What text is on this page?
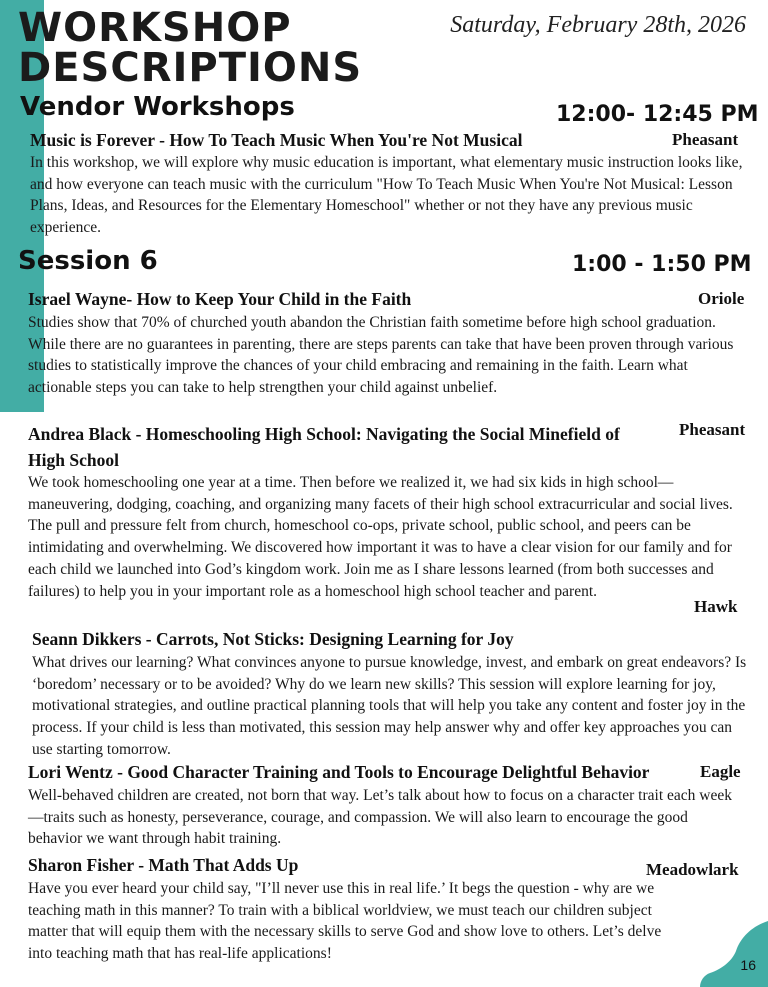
WORKSHOP
DESCRIPTIONS
Saturday, February 28th, 2026
Vendor Workshops	12:00- 12:45 PM
Music is Forever - How To Teach Music When You're Not Musical	Pheasant

In this workshop, we will explore why music education is important, what elementary music instruction looks like, and how everyone can teach music with the curriculum "How To Teach Music When You're Not Musical: Lesson Plans, Ideas, and Resources for the Elementary Homeschool" whether or not they have any previous music experience.

Session 6	1:00 - 1:50 PM
Israel Wayne- How to Keep Your Child in the Faith	Oriole

Studies show that 70% of churched youth abandon the Christian faith sometime before high school graduation. While there are no guarantees in parenting, there are steps parents can take that have been proven through various studies to statistically improve the chances of your child embracing and remaining in the faith. Learn what actionable steps you can take to help strengthen your child against unbelief.

Andrea Black - Homeschooling High School: Navigating the Social Minefield of High School
Pheasant

We took homeschooling one year at a time. Then before we realized it, we had six kids in high school—maneuvering, dodging, coaching, and organizing many facets of their high school extracurricular and social lives. The pull and pressure felt from church, homeschool co-ops, private school, public school, and peers can be intimidating and overwhelming. We discovered how important it was to have a clear vision for our family and for each child we launched into God’s kingdom work. Join me as I share lessons learned (from both successes and failures) to help you in your important role as a homeschool high school teacher and parent.

Hawk
Seann Dikkers - Carrots, Not Sticks: Designing Learning for Joy

What drives our learning? What convinces anyone to pursue knowledge, invest, and embark on great endeavors? Is ‘boredom’ necessary or to be avoided? Why do we learn new skills? This session will explore learning for joy, motivational strategies, and outline practical planning tools that will help you take any content and foster joy in the process. If your child is less than motivated, this session may help answer why and offer key approaches you can use starting tomorrow.

Lori Wentz - Good Character Training and Tools to Encourage Delightful Behavior	Eagle

Well-behaved children are created, not born that way. Let’s talk about how to focus on a character trait each week—traits such as honesty, perseverance, courage, and compassion. We will also learn to encourage the good behavior we want through habit training.

Sharon Fisher - Math That Adds Up	Meadowlark

Have you ever heard your child say, "I’ll never use this in real life.’ It begs the question - why are we teaching math in this manner? To train with a biblical worldview, we must teach our children subject matter that will equip them with the necessary skills to serve God and show love to others. Let’s delve into teaching math that has real-life applications!

16
